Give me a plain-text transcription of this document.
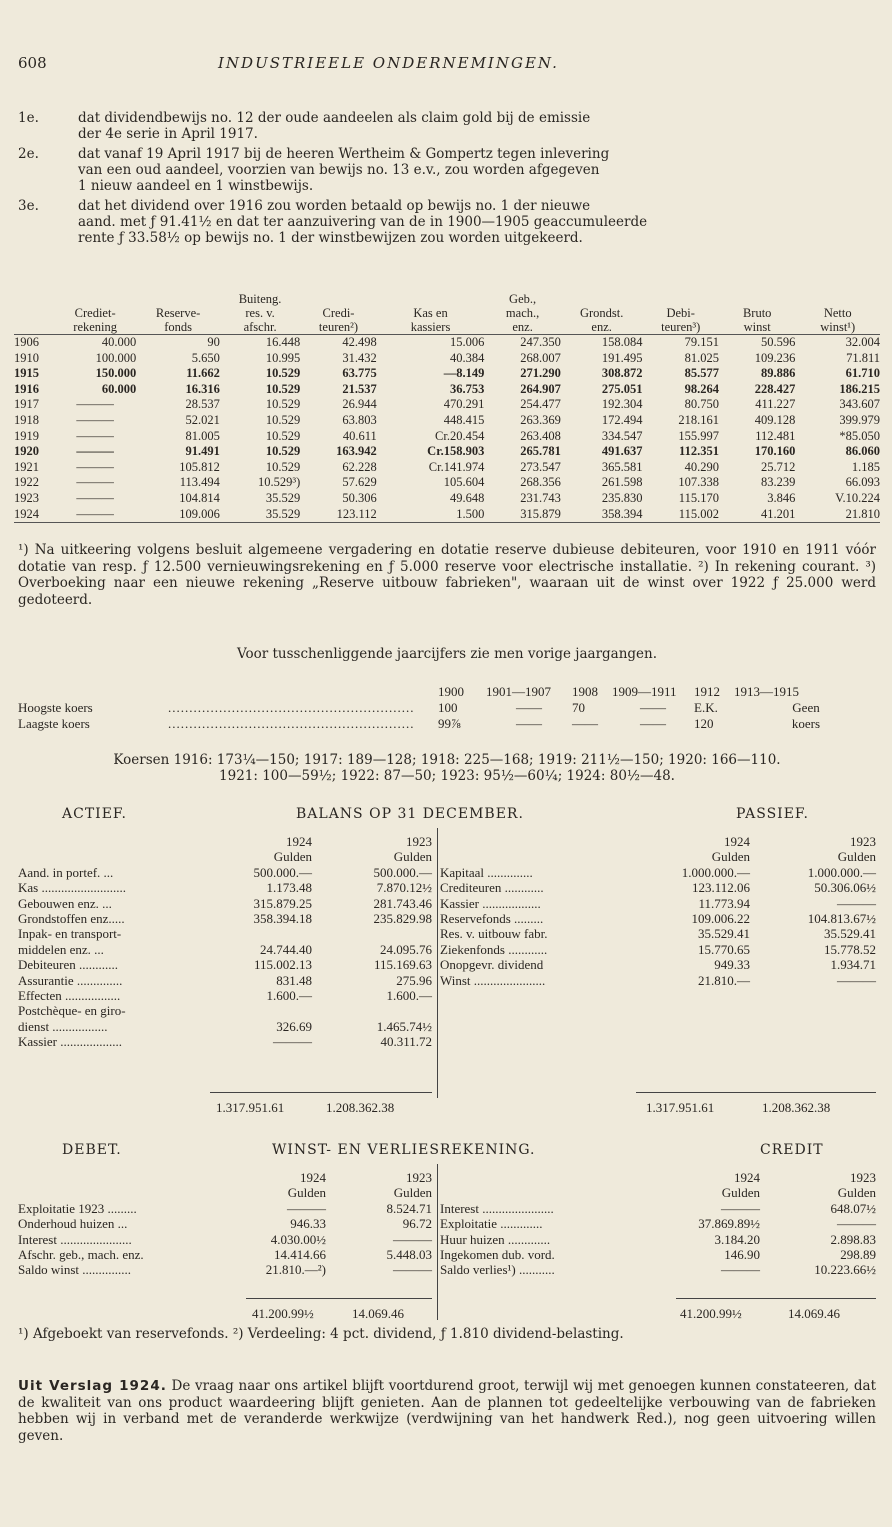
608	INDUSTRIEELE ONDERNEMINGEN.
1e.	dat dividendbewijs no. 12 der oude aandeelen als claim gold bij de emissie
der 4e serie in April 1917.
2e.	dat vanaf 19 April 1917 bij de heeren Wertheim & Gompertz tegen inlevering
van een oud aandeel, voorzien van bewijs no. 13 e.v., zou worden afgegeven
1 nieuw aandeel en 1 winstbewijs.
3e.	dat het dividend over 1916 zou worden betaald op bewijs no. 1 der nieuwe
aand. met ƒ 91.41½ en dat ter aanzuivering van de in 1900—1905 geaccumuleerde
rente ƒ 33.58½ op bewijs no. 1 der winstbewijzen zou worden uitgekeerd.
			Buiteng.			Geb.,				
	Crediet-	Reserve-	res. v.	Credi-	Kas en	mach.,	Grondst.	Debi-	Bruto	Netto
	rekening	fonds	afschr.	teuren²)	kassiers	enz.	enz.	teuren³)	winst	winst¹)
1906	40.000	90	16.448	42.498	15.006	247.350	158.084	79.151	50.596	32.004
1910	100.000	5.650	10.995	31.432	40.384	268.007	191.495	81.025	109.236	71.811
1915	150.000	11.662	10.529	63.775	—8.149	271.290	308.872	85.577	89.886	61.710
1916	60.000	16.316	10.529	21.537	36.753	264.907	275.051	98.264	228.427	186.215
1917	———	28.537	10.529	26.944	470.291	254.477	192.304	80.750	411.227	343.607
1918	———	52.021	10.529	63.803	448.415	263.369	172.494	218.161	409.128	399.979
1919	———	81.005	10.529	40.611	Cr.20.454	263.408	334.547	155.997	112.481	*85.050
1920	———	91.491	10.529	163.942	Cr.158.903	265.781	491.637	112.351	170.160	86.060
1921	———	105.812	10.529	62.228	Cr.141.974	273.547	365.581	40.290	25.712	1.185
1922	———	113.494	10.529³)	57.629	105.604	268.356	261.598	107.338	83.239	66.093
1923	———	104.814	35.529	50.306	49.648	231.743	235.830	115.170	3.846	V.10.224
1924	———	109.006	35.529	123.112	1.500	315.879	358.394	115.002	41.201	21.810
¹) Na uitkeering volgens besluit algemeene vergadering en dotatie reserve dubieuse debiteuren, voor 1910 en 1911 vóór dotatie van resp. ƒ 12.500 vernieuwingsrekening en ƒ 5.000 reserve voor electrische installatie. ²) In rekening courant. ³) Overboeking naar een nieuwe rekening „Reserve uitbouw fabrieken", waaraan uit de winst over 1922 ƒ 25.000 werd gedoteerd.
Voor tusschenliggende jaarcijfers zie men vorige jaargangen.
		1900	1901—1907	1908	1909—1911	1912	1913—1915
Hoogste koers	..........................................................	100	——	70	——	E.K.	Geen
Laagste koers	..........................................................	99⅞	——	——	——	120	koers
Koersen 1916: 173¼—150; 1917: 189—128; 1918: 225—168; 1919: 211½—150; 1920: 166—110.
1921: 100—59½; 1922: 87—50; 1923: 95½—60¼; 1924: 80½—48.
ACTIEF.	BALANS OP 31 DECEMBER.	PASSIEF.
	1924	1923
	Gulden	Gulden
Aand. in portef. ...	500.000.—	500.000.—
Kas ..........................	1.173.48	7.870.12½
Gebouwen enz. ...	315.879.25	281.743.46
Grondstoffen enz.....	358.394.18	235.829.98
Inpak- en transport-		
middelen enz. ...	24.744.40	24.095.76
Debiteuren ............	115.002.13	115.169.63
Assurantie ..............	831.48	275.96
Effecten .................	1.600.—	1.600.—
Postchèque- en giro-		
dienst .................	326.69	1.465.74½
Kassier ...................	———	40.311.72
	1924	1923
	Gulden	Gulden
Kapitaal ..............	1.000.000.—	1.000.000.—
Crediteuren ............	123.112.06	50.306.06½
Kassier ..................	11.773.94	———
Reservefonds .........	109.006.22	104.813.67½
Res. v. uitbouw fabr.	35.529.41	35.529.41
Ziekenfonds ............	15.770.65	15.778.52
Onopgevr. dividend	949.33	1.934.71
Winst ......................	21.810.—	———
1.317.951.61	1.208.362.38	1.317.951.61	1.208.362.38
DEBET.	WINST- EN VERLIESREKENING.	CREDIT
	1924	1923
	Gulden	Gulden
Exploitatie 1923 .........	———	8.524.71
Onderhoud huizen ...	946.33	96.72
Interest ......................	4.030.00½	———
Afschr. geb., mach. enz.	14.414.66	5.448.03
Saldo winst ...............	21.810.—²)	———
	1924	1923
	Gulden	Gulden
Interest ......................	———	648.07½
Exploitatie .............	37.869.89½	———
Huur huizen .............	3.184.20	2.898.83
Ingekomen dub. vord.	146.90	298.89
Saldo verlies¹) ...........	———	10.223.66½
41.200.99½	14.069.46	41.200.99½	14.069.46
¹) Afgeboekt van reservefonds. ²) Verdeeling: 4 pct. dividend, ƒ 1.810 dividend-belasting.
Uit Verslag 1924. De vraag naar ons artikel blijft voortdurend groot, terwijl wij met genoegen kunnen constateeren, dat de kwaliteit van ons product waardeering blijft genieten. Aan de plannen tot gedeeltelijke verbouwing van de fabrieken hebben wij in verband met de veranderde werkwijze (verdwijning van het handwerk Red.), nog geen uitvoering willen geven.
